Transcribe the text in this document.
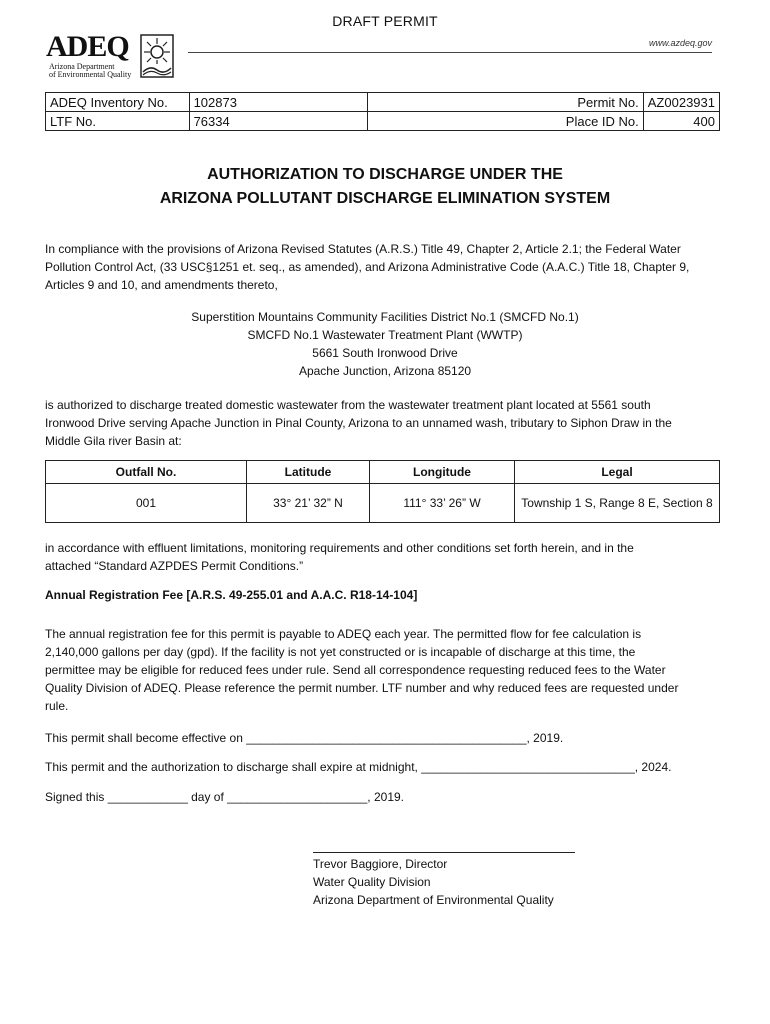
DRAFT PERMIT
ADEQ
Arizona Department
of Environmental Quality
www.azdeq.gov
ADEQ Inventory No.	102873	Permit No.	AZ0023931
LTF No.	76334	Place ID No.	400
AUTHORIZATION TO DISCHARGE UNDER THE
ARIZONA POLLUTANT DISCHARGE ELIMINATION SYSTEM
In compliance with the provisions of Arizona Revised Statutes (A.R.S.) Title 49, Chapter 2, Article 2.1; the Federal Water
Pollution Control Act, (33 USC§1251 et. seq., as amended), and Arizona Administrative Code (A.A.C.) Title 18, Chapter 9,
Articles 9 and 10, and amendments thereto,
Superstition Mountains Community Facilities District No.1 (SMCFD No.1)
SMCFD No.1 Wastewater Treatment Plant (WWTP)
5661 South Ironwood Drive
Apache Junction, Arizona 85120
is authorized to discharge treated domestic wastewater from the wastewater treatment plant located at 5561 south
Ironwood Drive serving Apache Junction in Pinal County, Arizona to an unnamed wash, tributary to Siphon Draw in the
Middle Gila river Basin at:
Outfall No.	Latitude	Longitude	Legal
001	33° 21’ 32” N	111° 33’ 26” W	Township 1 S, Range 8 E, Section 8
in accordance with effluent limitations, monitoring requirements and other conditions set forth herein, and in the
attached “Standard AZPDES Permit Conditions.”
Annual Registration Fee [A.R.S. 49-255.01 and A.A.C. R18-14-104]
The annual registration fee for this permit is payable to ADEQ each year. The permitted flow for fee calculation is
2,140,000 gallons per day (gpd). If the facility is not yet constructed or is incapable of discharge at this time, the
permittee may be eligible for reduced fees under rule. Send all correspondence requesting reduced fees to the Water
Quality Division of ADEQ. Please reference the permit number. LTF number and why reduced fees are requested under
rule.
This permit shall become effective on __________________________________________, 2019.
This permit and the authorization to discharge shall expire at midnight, ________________________________, 2024.
Signed this ____________ day of _____________________, 2019.
Trevor Baggiore, Director
Water Quality Division
Arizona Department of Environmental Quality
